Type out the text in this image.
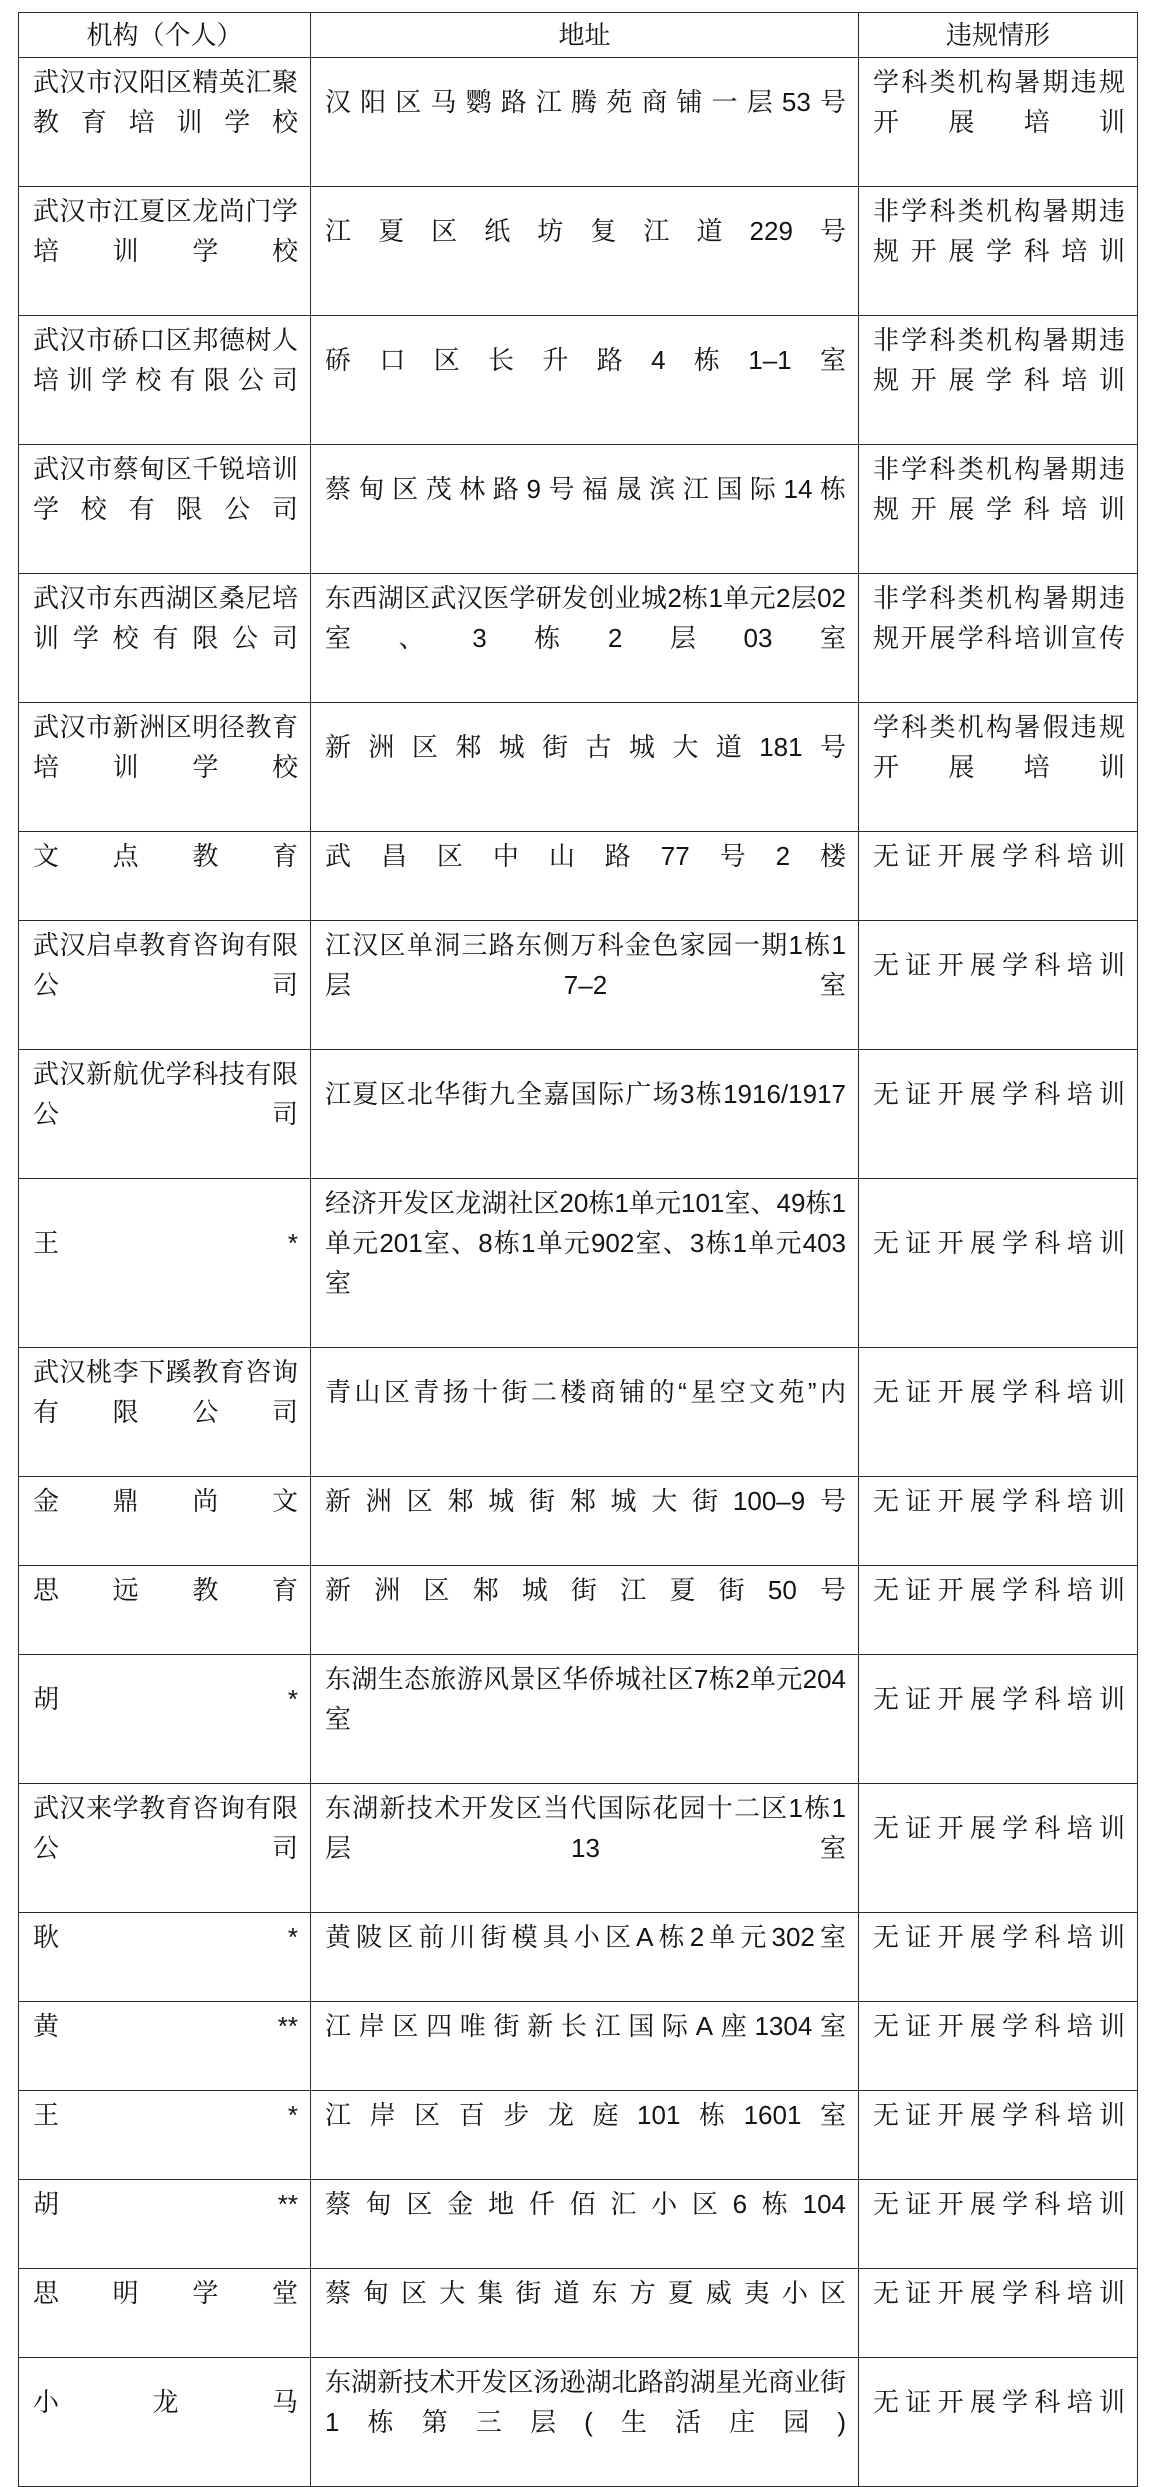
机构（个人）	地址	违规情形
武汉市汉阳区精英汇聚教育培训学校	汉阳区马鹦路江腾苑商铺一层53号	学科类机构暑期违规开展培训
武汉市江夏区龙尚门学培训学校	江夏区纸坊复江道229号	非学科类机构暑期违规开展学科培训
武汉市硚口区邦德树人培训学校有限公司	硚口区长升路4栋1–1室	非学科类机构暑期违规开展学科培训
武汉市蔡甸区千锐培训学校有限公司	蔡甸区茂林路9号福晟滨江国际14栋	非学科类机构暑期违规开展学科培训
武汉市东西湖区桑尼培训学校有限公司	东西湖区武汉医学研发创业城2栋1单元2层02室、3栋2层03室	非学科类机构暑期违规开展学科培训宣传
武汉市新洲区明径教育培训学校	新洲区邾城街古城大道181号	学科类机构暑假违规开展培训
文点教育	武昌区中山路77号2楼	无证开展学科培训
武汉启卓教育咨询有限公司	江汉区单洞三路东侧万科金色家园一期1栋1层7–2室	无证开展学科培训
武汉新航优学科技有限公司	江夏区北华街九全嘉国际广场3栋1916/1917	无证开展学科培训
王*	经济开发区龙湖社区20栋1单元101室、49栋1单元201室、8栋1单元902室、3栋1单元403室	无证开展学科培训
武汉桃李下蹊教育咨询有限公司	青山区青扬十街二楼商铺的“星空文苑”内	无证开展学科培训
金鼎尚文	新洲区邾城街邾城大街100–9号	无证开展学科培训
思远教育	新洲区邾城街江夏街50号	无证开展学科培训
胡*	东湖生态旅游风景区华侨城社区7栋2单元204室	无证开展学科培训
武汉来学教育咨询有限公司	东湖新技术开发区当代国际花园十二区1栋1层13室	无证开展学科培训
耿*	黄陂区前川街模具小区A栋2单元302室	无证开展学科培训
黄**	江岸区四唯街新长江国际A座1304室	无证开展学科培训
王*	江岸区百步龙庭101栋1601室	无证开展学科培训
胡**	蔡甸区金地仟佰汇小区6栋104	无证开展学科培训
思明学堂	蔡甸区大集街道东方夏威夷小区	无证开展学科培训
小龙马	东湖新技术开发区汤逊湖北路韵湖星光商业街1栋第三层(生活庄园)	无证开展学科培训
